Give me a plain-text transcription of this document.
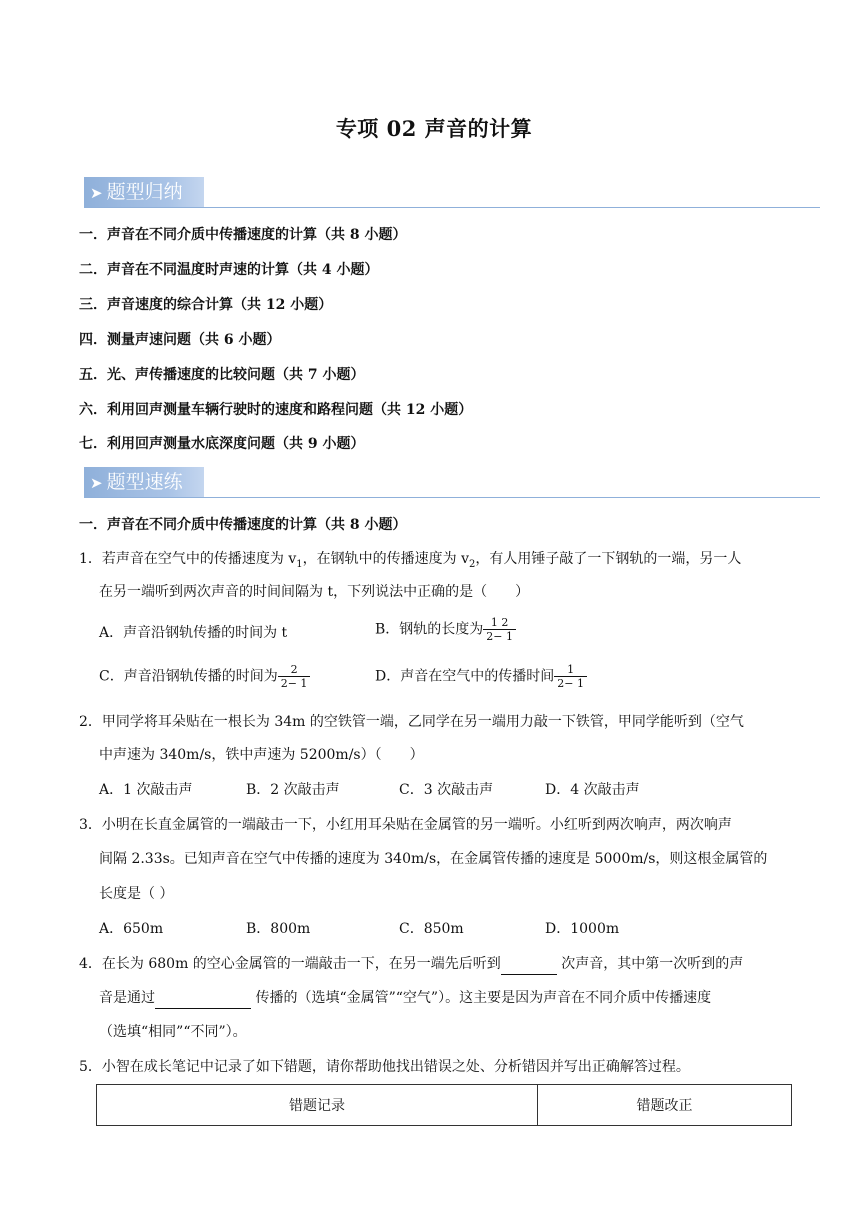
专项 02 声音的计算
➤ 题型归纳
一．声音在不同介质中传播速度的计算（共 8 小题）
二．声音在不同温度时声速的计算（共 4 小题）
三．声音速度的综合计算（共 12 小题）
四．测量声速问题（共 6 小题）
五．光、声传播速度的比较问题（共 7 小题）
六．利用回声测量车辆行驶时的速度和路程问题（共 12 小题）
七．利用回声测量水底深度问题（共 9 小题）
➤ 题型速练
一．声音在不同介质中传播速度的计算（共 8 小题）
1．若声音在空气中的传播速度为 $v_1$，在钢轨中的传播速度为 $v_2$，有人用锤子敲了一下钢轨的一端，另一人
在另一端听到两次声音的时间间隔为 t，下列说法中正确的是（　　）
A．声音沿钢轨传播的时间为 t	B．钢轨的长度为 $\frac{1 2}{2- 1}$
C．声音沿钢轨传播的时间为 $\frac{2}{2- 1}$	D．声音在空气中的传播时间 $\frac{1}{2- 1}$
2．甲同学将耳朵贴在一根长为 34m 的空铁管一端，乙同学在另一端用力敲一下铁管，甲同学能听到（空气
中声速为 340m/s，铁中声速为 5200m/s）（　　）
A．1 次敲击声	B．2 次敲击声	C．3 次敲击声	D．4 次敲击声
3．小明在长直金属管的一端敲击一下，小红用耳朵贴在金属管的另一端听。小红听到两次响声，两次响声
间隔 2.33s。已知声音在空气中传播的速度为 340m/s，在金属管传播的速度是 5000m/s，则这根金属管的
长度是（ ）
A．650m	B．800m	C．850m	D．1000m
4．在长为 680m 的空心金属管的一端敲击一下，在另一端先后听到	次声音，其中第一次听到的声
音是通过	传播的（选填“金属管”“空气”）。这主要是因为声音在不同介质中传播速度
（选填“相同”“不同”）。
5．小智在成长笔记中记录了如下错题，请你帮助他找出错误之处、分析错因并写出正确解答过程。
错题记录	错题改正
